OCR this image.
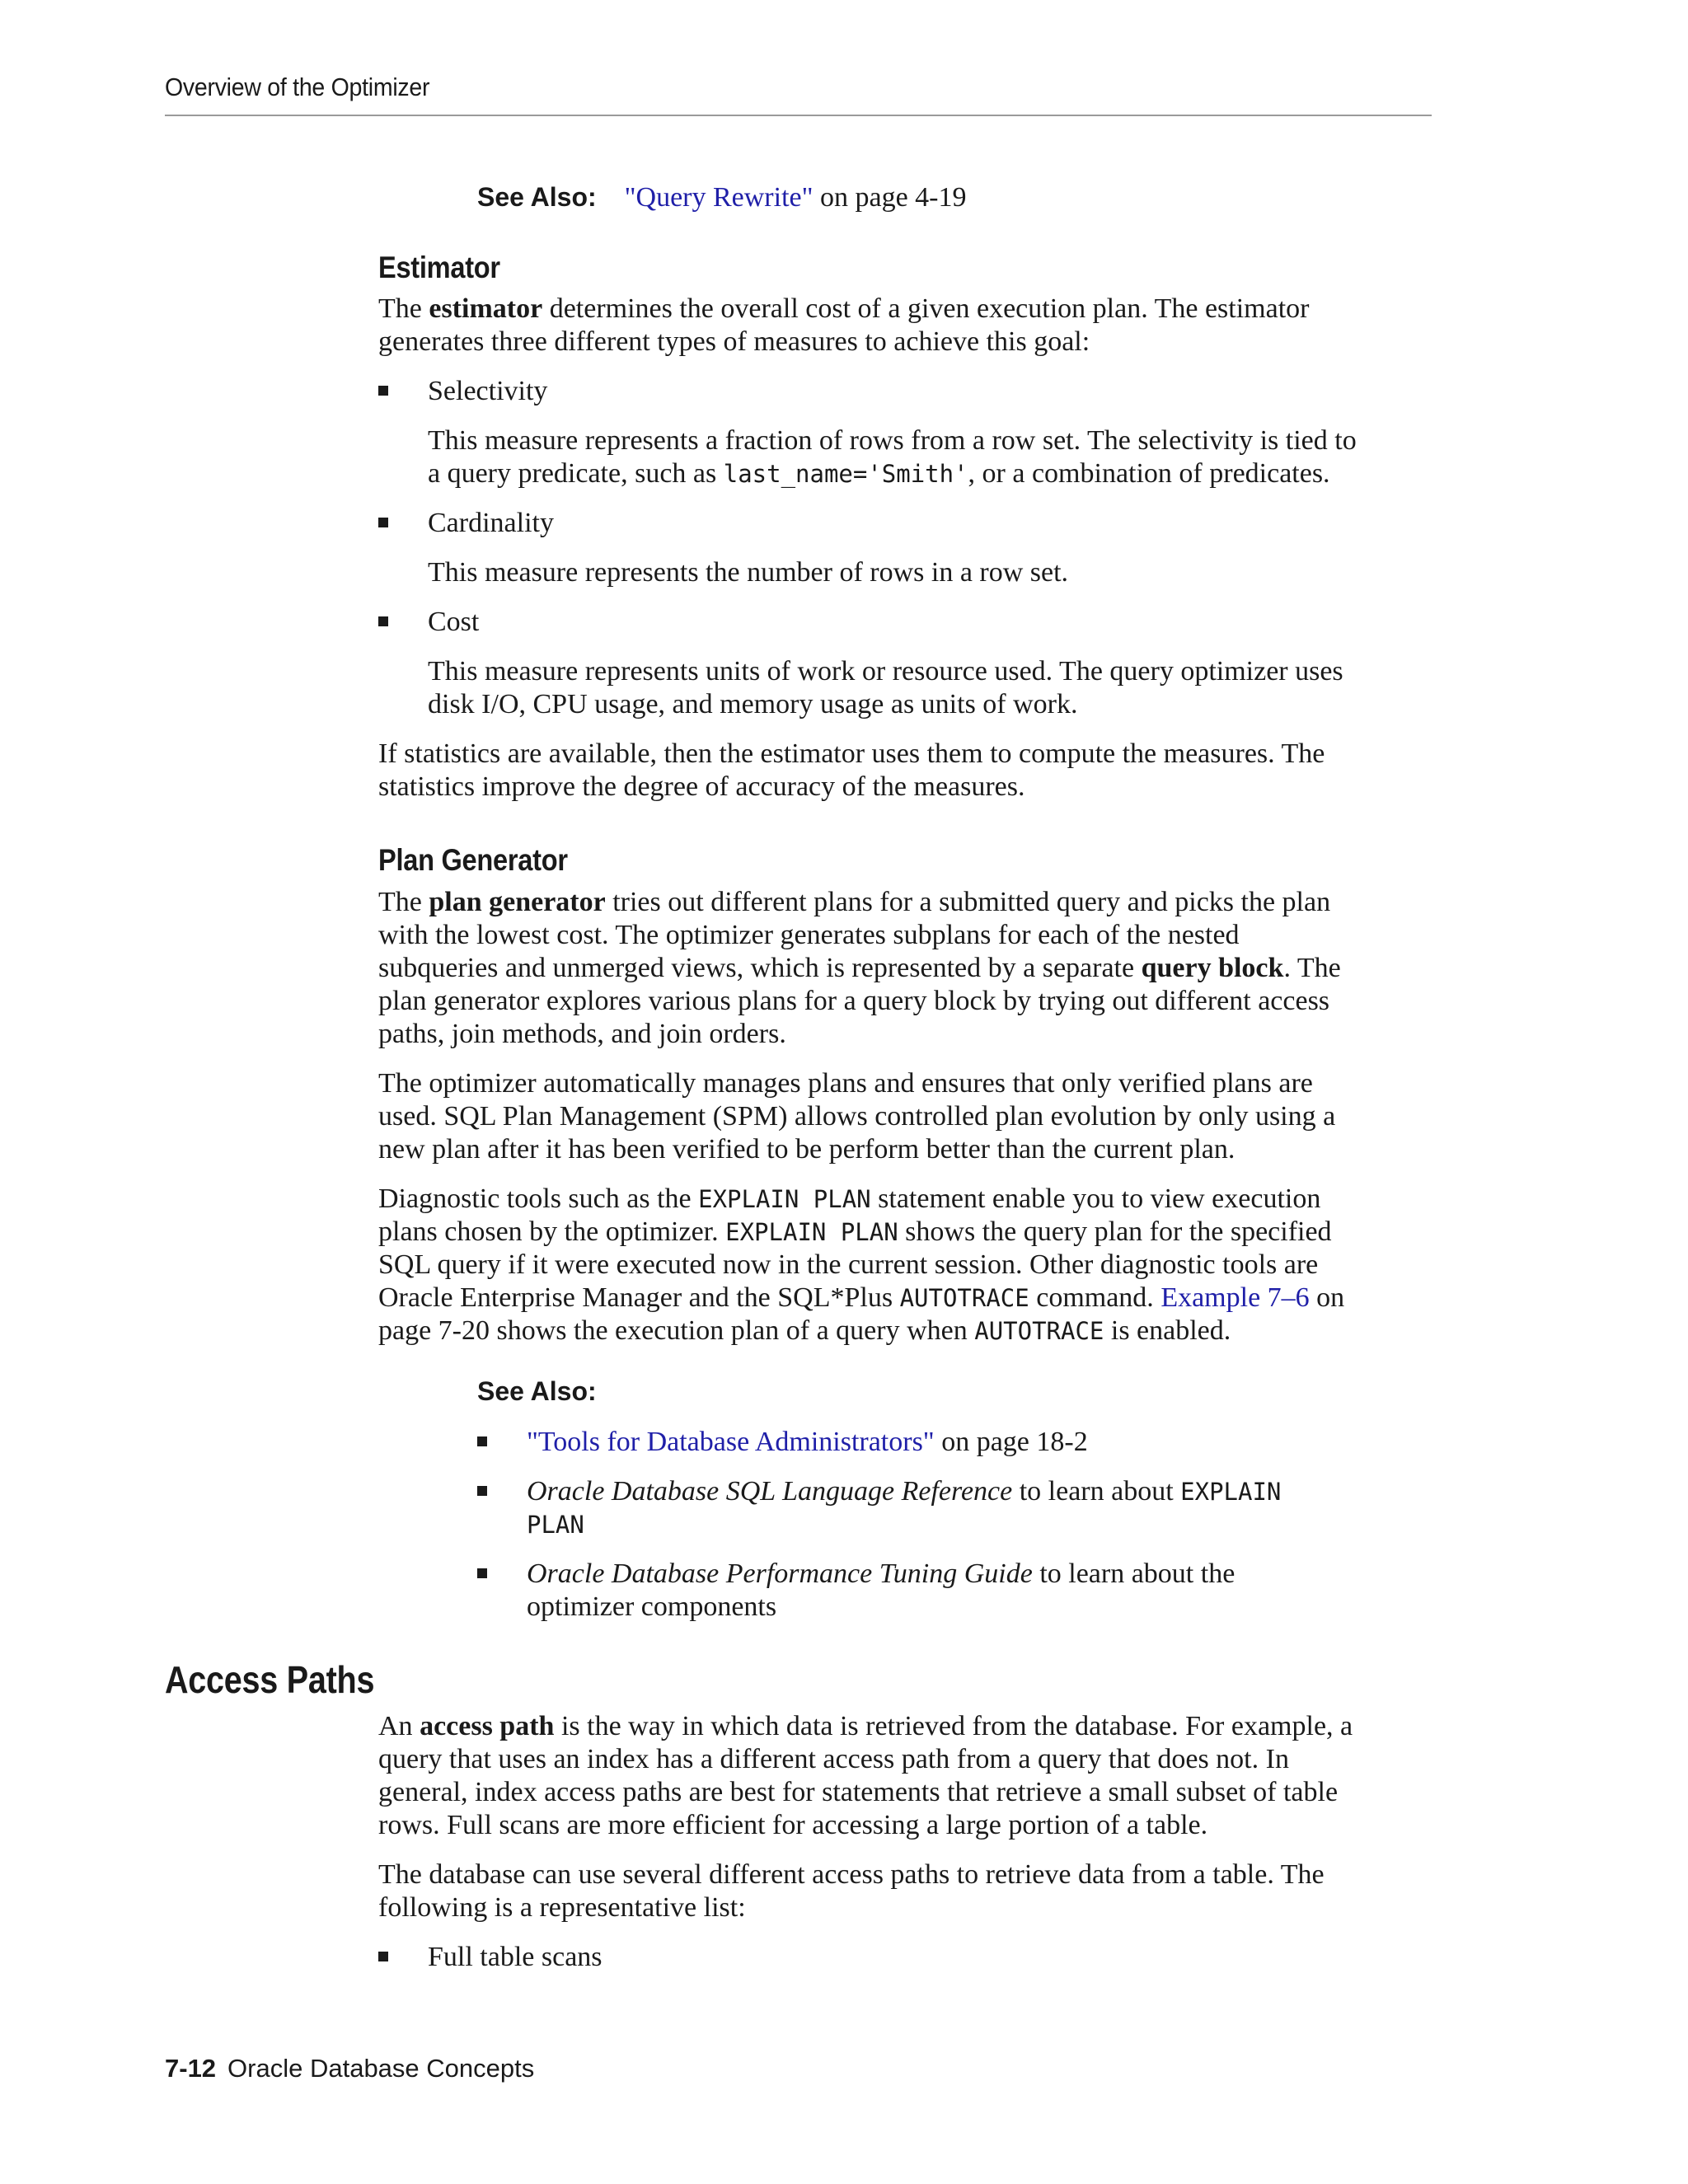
Overview of the Optimizer
See Also: "Query Rewrite" on page 4-19
Estimator
The estimator determines the overall cost of a given execution plan. The estimator
generates three different types of measures to achieve this goal:
Selectivity
This measure represents a fraction of rows from a row set. The selectivity is tied to
a query predicate, such as last_name='Smith', or a combination of predicates.
Cardinality
This measure represents the number of rows in a row set.
Cost
This measure represents units of work or resource used. The query optimizer uses
disk I/O, CPU usage, and memory usage as units of work.
If statistics are available, then the estimator uses them to compute the measures. The
statistics improve the degree of accuracy of the measures.
Plan Generator
The plan generator tries out different plans for a submitted query and picks the plan
with the lowest cost. The optimizer generates subplans for each of the nested
subqueries and unmerged views, which is represented by a separate query block. The
plan generator explores various plans for a query block by trying out different access
paths, join methods, and join orders.
The optimizer automatically manages plans and ensures that only verified plans are
used. SQL Plan Management (SPM) allows controlled plan evolution by only using a
new plan after it has been verified to be perform better than the current plan.
Diagnostic tools such as the EXPLAIN PLAN statement enable you to view execution
plans chosen by the optimizer. EXPLAIN PLAN shows the query plan for the specified
SQL query if it were executed now in the current session. Other diagnostic tools are
Oracle Enterprise Manager and the SQL*Plus AUTOTRACE command. Example 7–6 on
page 7-20 shows the execution plan of a query when AUTOTRACE is enabled.
See Also:
"Tools for Database Administrators" on page 18-2
Oracle Database SQL Language Reference to learn about EXPLAIN
PLAN
Oracle Database Performance Tuning Guide to learn about the
optimizer components
Access Paths
An access path is the way in which data is retrieved from the database. For example, a
query that uses an index has a different access path from a query that does not. In
general, index access paths are best for statements that retrieve a small subset of table
rows. Full scans are more efficient for accessing a large portion of a table.
The database can use several different access paths to retrieve data from a table. The
following is a representative list:
Full table scans
7-12 Oracle Database Concepts
